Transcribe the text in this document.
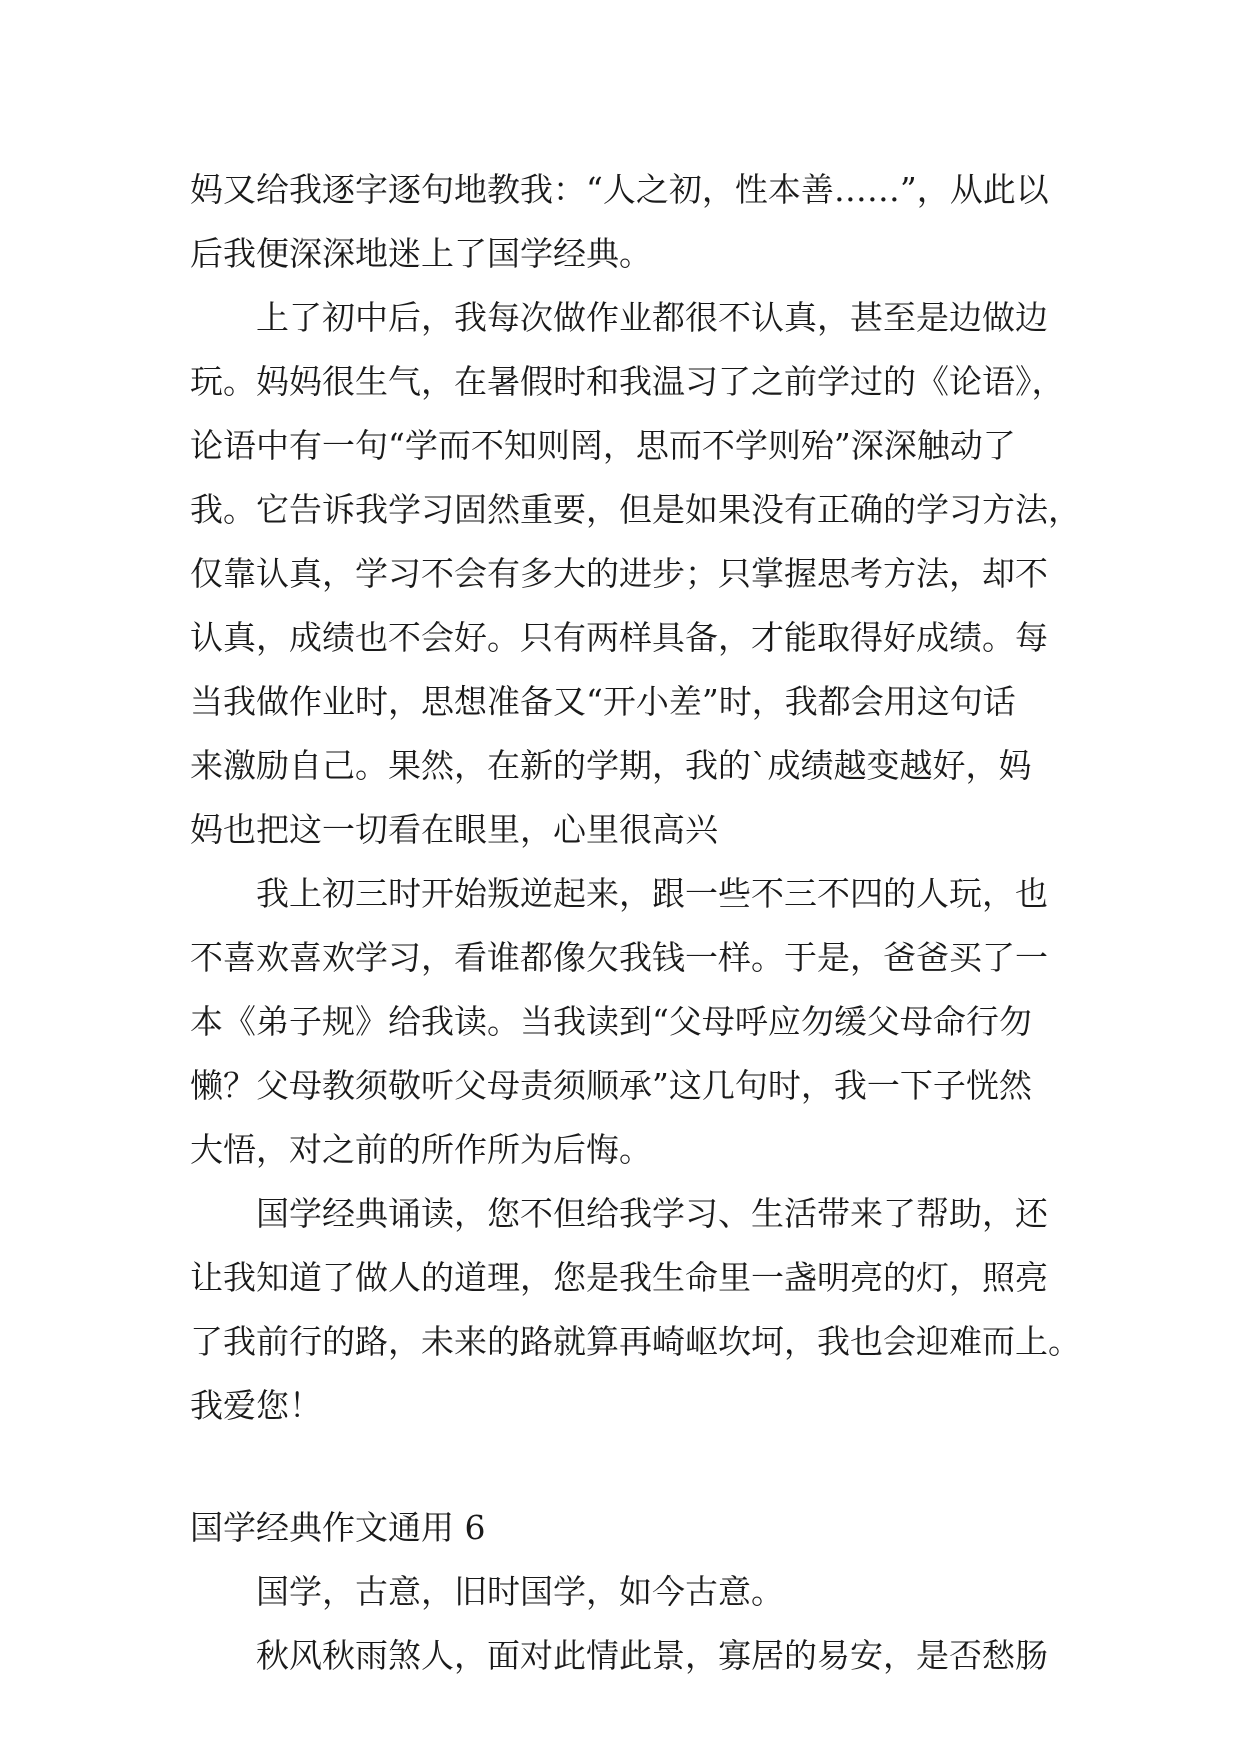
妈又给我逐字逐句地教我：“人之初，性本善……”，从此以
后我便深深地迷上了国学经典。
上了初中后，我每次做作业都很不认真，甚至是边做边
玩。妈妈很生气，在暑假时和我温习了之前学过的《论语》，
论语中有一句“学而不知则罔，思而不学则殆”深深触动了
我。它告诉我学习固然重要，但是如果没有正确的学习方法，
仅靠认真，学习不会有多大的进步；只掌握思考方法，却不
认真，成绩也不会好。只有两样具备，才能取得好成绩。每
当我做作业时，思想准备又“开小差”时，我都会用这句话
来激励自己。果然，在新的学期，我的`成绩越变越好，妈
妈也把这一切看在眼里，心里很高兴
我上初三时开始叛逆起来，跟一些不三不四的人玩，也
不喜欢喜欢学习，看谁都像欠我钱一样。于是，爸爸买了一
本《弟子规》给我读。当我读到“父母呼应勿缓父母命行勿
懒？父母教须敬听父母责须顺承”这几句时，我一下子恍然
大悟，对之前的所作所为后悔。
国学经典诵读，您不但给我学习、生活带来了帮助，还
让我知道了做人的道理，您是我生命里一盏明亮的灯，照亮
了我前行的路，未来的路就算再崎岖坎坷，我也会迎难而上。
我爱您！
国学经典作文通用 6
国学，古意，旧时国学，如今古意。
秋风秋雨煞人，面对此情此景，寡居的易安，是否愁肠
